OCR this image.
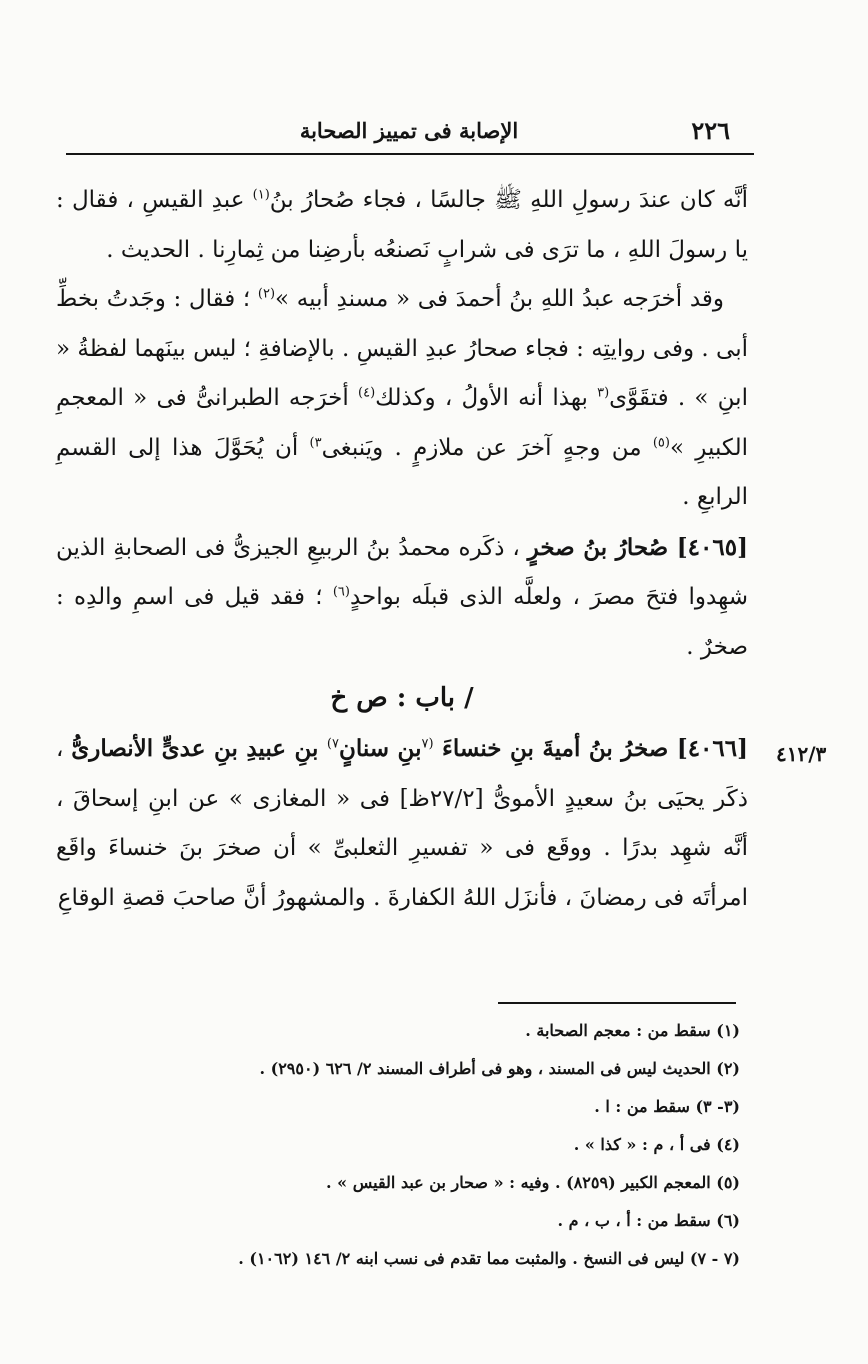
٢٢٦
الإصابة فى تمييز الصحابة

أنَّه كان عندَ رسولِ اللهِ ﷺ جالسًا ، فجاء صُحارُ بنُ$^{(١)}$ عبدِ القيسِ ، فقال : يا رسولَ اللهِ ، ما ترَى فى شرابٍ نَصنعُه بأرضِنا من ثِمارِنا . الحديث .

وقد أخرَجه عبدُ اللهِ بنُ أحمدَ فى « مسندِ أبيه »$^{(٢)}$ ؛ فقال : وجَدتُ بخطِّ أبى . وفى روايتِه : فجاء صحارُ عبدِ القيسِ . بالإضافةِ ؛ ليس بينَهما لفظةُ « ابنِ » . فتقَوَّى$^{(٣}$ بهذا أنه الأولُ ، وكذلك$^{(٤)}$ أخرَجه الطبرانىُّ فى « المعجمِ الكبيرِ »$^{(٥)}$ من وجهٍ آخرَ عن ملازمٍ . ويَنبغى$^{٣)}$ أن يُحَوَّلَ هذا إلى القسمِ الرابعِ .

[٤٠٦٥] صُحارُ بنُ صخرٍ ، ذكَره محمدُ بنُ الربيعِ الجيزىُّ فى الصحابةِ الذين شهِدوا فتحَ مصرَ ، ولعلَّه الذى قبلَه بواحدٍ$^{(٦)}$ ؛ فقد قيل فى اسمِ والدِه : صخرٌ .

/ باب : ص خ

[٤٠٦٦] صخرُ بنُ أميةَ بنِ خنساءَ $^{(٧}$بنِ سنانٍ$^{٧)}$ بنِ عبيدِ بنِ عدىٍّ الأنصارىُّ ، ذكَر يحيَى بنُ سعيدٍ الأموىُّ [٢٧/٢ظ] فى « المغازى » عن ابنِ إسحاقَ ، أنَّه شهِد بدرًا . ووقَع فى « تفسيرِ الثعلبىِّ » أن صخرَ بنَ خنساءَ واقَع امرأتَه فى رمضانَ ، فأنزَل اللهُ الكفارةَ . والمشهورُ أنَّ صاحبَ قصةِ الوقاعِ

٤١٢/٣

(١) سقط من : معجم الصحابة .

(٢) الحديث ليس فى المسند ، وهو فى أطراف المسند ٢/ ٦٢٦ (٢٩٥٠) .

(٣- ٣) سقط من : ا .

(٤) فى أ ، م : « كذا » .

(٥) المعجم الكبير (٨٢٥٩) . وفيه : « صحار بن عبد القيس » .

(٦) سقط من : أ ، ب ، م .

(٧ - ٧) ليس فى النسخ . والمثبت مما تقدم فى نسب ابنه ٢/ ١٤٦ (١٠٦٢) .
